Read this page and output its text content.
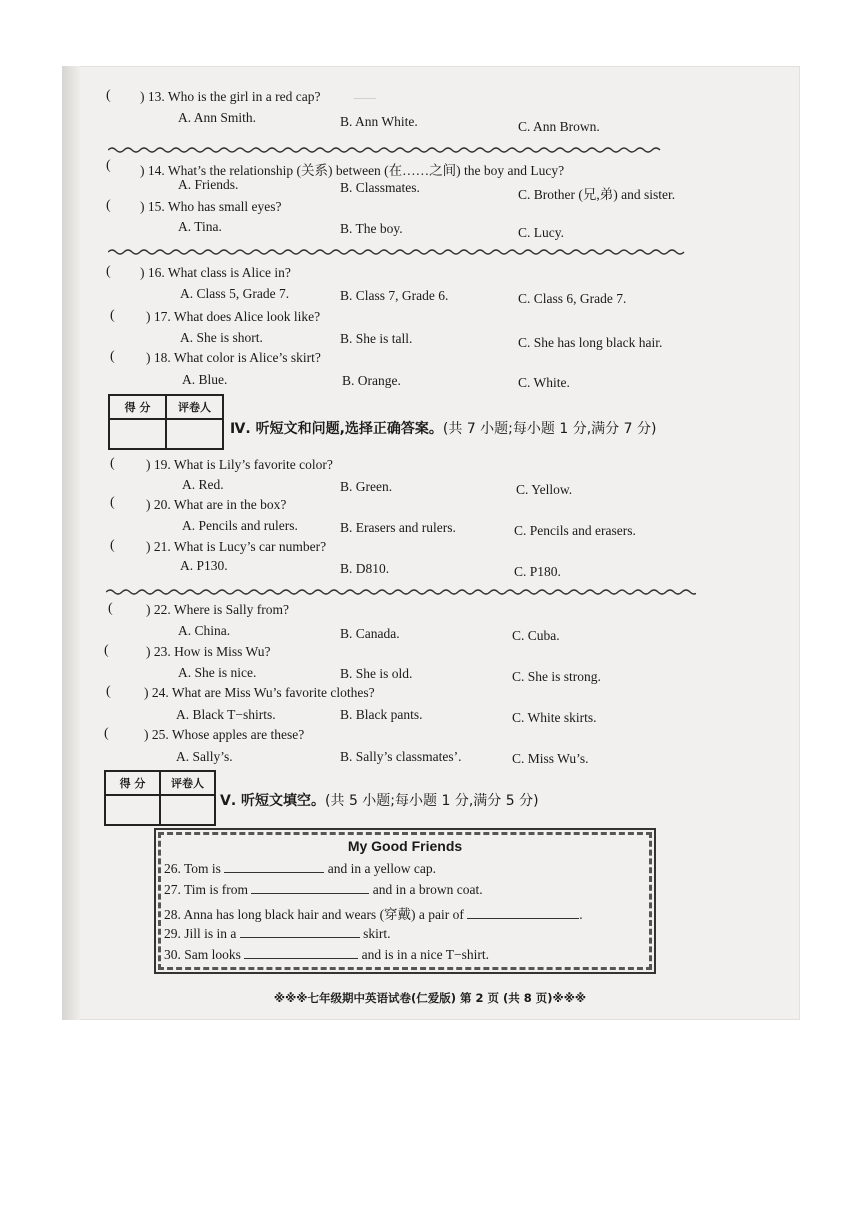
——
( ) 13. Who is the girl in a red cap?
A. Ann Smith.	B. Ann White.	C. Ann Brown.
( ) 14. What’s the relationship (关系) between (在……之间) the boy and Lucy?
A. Friends.	B. Classmates.	C. Brother (兄,弟) and sister.
( ) 15. Who has small eyes?
A. Tina.	B. The boy.	C. Lucy.
( ) 16. What class is Alice in?
A. Class 5, Grade 7.	B. Class 7, Grade 6.	C. Class 6, Grade 7.
( ) 17. What does Alice look like?
A. She is short.	B. She is tall.	C. She has long black hair.
( ) 18. What color is Alice’s skirt?
A. Blue.	B. Orange.	C. White.
得 分	评卷人
Ⅳ. 听短文和问题,选择正确答案。(共 7 小题;每小题 1 分,满分 7 分)
( ) 19. What is Lily’s favorite color?
A. Red.	B. Green.	C. Yellow.
( ) 20. What are in the box?
A. Pencils and rulers.	B. Erasers and rulers.	C. Pencils and erasers.
( ) 21. What is Lucy’s car number?
A. P130.	B. D810.	C. P180.
( ) 22. Where is Sally from?
A. China.	B. Canada.	C. Cuba.
(	) 23. How is Miss Wu?
A. She is nice.	B. She is old.	C. She is strong.
( ) 24. What are Miss Wu’s favorite clothes?
A. Black T−shirts.	B. Black pants.	C. White skirts.
(	) 25. Whose apples are these?
A. Sally’s.	B. Sally’s classmates’.	C. Miss Wu’s.
得 分	评卷人
Ⅴ. 听短文填空。(共 5 小题;每小题 1 分,满分 5 分)
My Good Friends
26. Tom is	and in a yellow cap.
27. Tim is from	and in a brown coat.
28. Anna has long black hair and wears (穿戴) a pair of	.
29. Jill is in a	skirt.
30. Sam looks	and is in a nice T−shirt.
※※※七年级期中英语试卷(仁爱版) 第 2 页 (共 8 页)※※※
